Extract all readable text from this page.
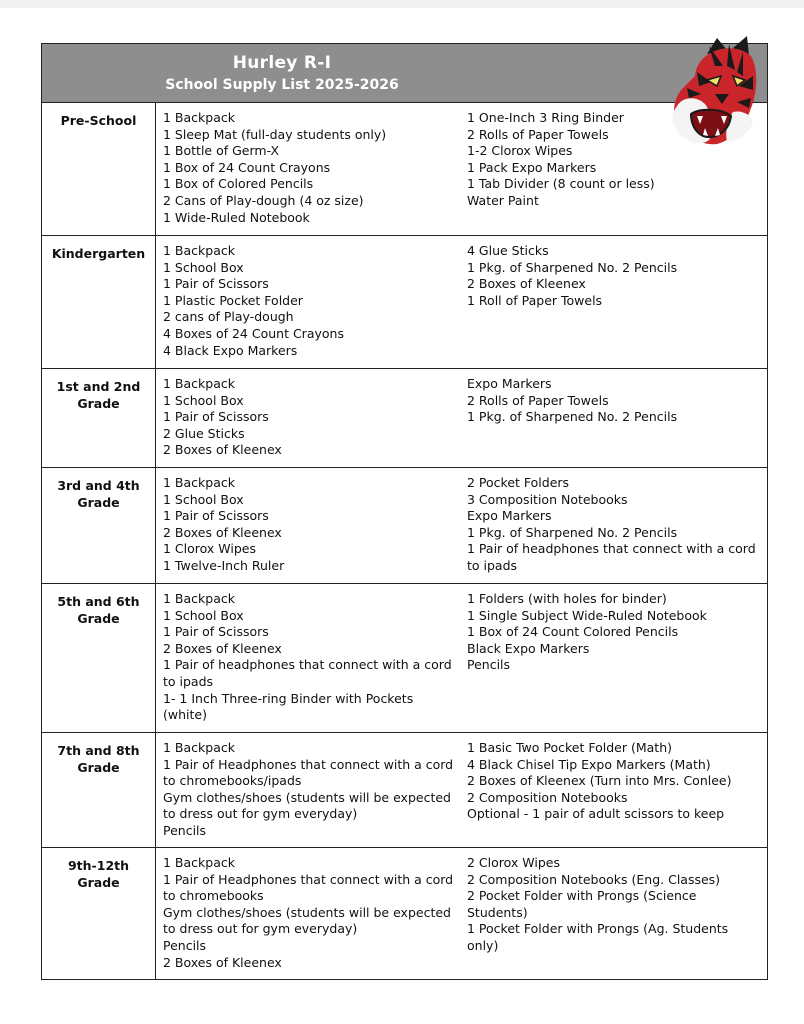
Hurley R-I
School Supply List 2025-2026
Pre-School	1 Backpack
1 Sleep Mat (full-day students only)
1 Bottle of Germ-X
1 Box of 24 Count Crayons
1 Box of Colored Pencils
2 Cans of Play-dough (4 oz size)
1 Wide-Ruled Notebook
1 One-Inch 3 Ring Binder
2 Rolls of Paper Towels
1-2 Clorox Wipes
1 Pack Expo Markers
1 Tab Divider (8 count or less)
Water Paint
Kindergarten	1 Backpack
1 School Box
1 Pair of Scissors
1 Plastic Pocket Folder
2 cans of Play-dough
4 Boxes of 24 Count Crayons
4 Black Expo Markers
4 Glue Sticks
1 Pkg. of Sharpened No. 2 Pencils
2 Boxes of Kleenex
1 Roll of Paper Towels
1st and 2nd Grade
1 Backpack
1 School Box
1 Pair of Scissors
2 Glue Sticks
2 Boxes of Kleenex
Expo Markers
2 Rolls of Paper Towels
1 Pkg. of Sharpened No. 2 Pencils
3rd and 4th Grade
1 Backpack
1 School Box
1 Pair of Scissors
2 Boxes of Kleenex
1 Clorox Wipes
1 Twelve-Inch Ruler
2 Pocket Folders
3 Composition Notebooks
Expo Markers
1 Pkg. of Sharpened No. 2 Pencils
1 Pair of headphones that connect with a cord to ipads
5th and 6th Grade
1 Backpack
1 School Box
1 Pair of Scissors
2 Boxes of Kleenex
1 Pair of headphones that connect with a cord to ipads
1- 1 Inch Three-ring Binder with Pockets (white)
1 Folders (with holes for binder)
1 Single Subject Wide-Ruled Notebook
1 Box of 24 Count Colored Pencils
Black Expo Markers
Pencils
7th and 8th Grade
1 Backpack
1 Pair of Headphones that connect with a cord to chromebooks/ipads
Gym clothes/shoes (students will be expected to dress out for gym everyday)
Pencils
1 Basic Two Pocket Folder (Math)
4 Black Chisel Tip Expo Markers (Math)
2 Boxes of Kleenex (Turn into Mrs. Conlee)
2 Composition Notebooks
Optional - 1 pair of adult scissors to keep
9th-12th Grade
1 Backpack
1 Pair of Headphones that connect with a cord to chromebooks
Gym clothes/shoes (students will be expected to dress out for gym everyday)
Pencils
2 Boxes of Kleenex
2 Clorox Wipes
2 Composition Notebooks (Eng. Classes)
2 Pocket Folder with Prongs (Science Students)
1 Pocket Folder with Prongs (Ag. Students only)
